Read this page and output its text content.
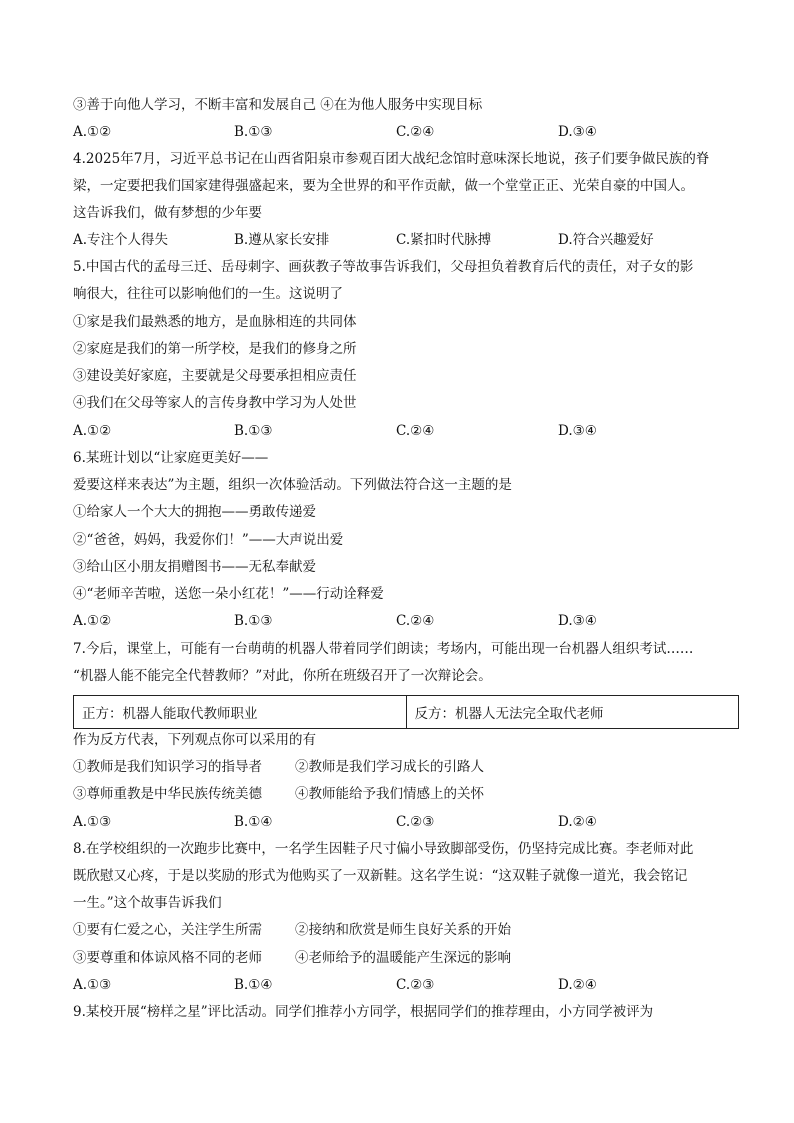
③善于向他人学习，不断丰富和发展自己 ④在为他人服务中实现目标
A.①②	B.①③	C.②④	D.③④
4.2025年7月，习近平总书记在山西省阳泉市参观百团大战纪念馆时意味深长地说，孩子们要争做民族的脊
梁，一定要把我们国家建得强盛起来，要为全世界的和平作贡献，做一个堂堂正正、光荣自豪的中国人。
这告诉我们，做有梦想的少年要
A.专注个人得失	B.遵从家长安排	C.紧扣时代脉搏	D.符合兴趣爱好
5.中国古代的孟母三迁、岳母刺字、画荻教子等故事告诉我们，父母担负着教育后代的责任，对子女的影
响很大，往往可以影响他们的一生。这说明了
①家是我们最熟悉的地方，是血脉相连的共同体
②家庭是我们的第一所学校，是我们的修身之所
③建设美好家庭，主要就是父母要承担相应责任
④我们在父母等家人的言传身教中学习为人处世
A.①②	B.①③	C.②④	D.③④
6.某班计划以“让家庭更美好——
爱要这样来表达”为主题，组织一次体验活动。下列做法符合这一主题的是
①给家人一个大大的拥抱——勇敢传递爱
②“爸爸，妈妈，我爱你们！”——大声说出爱
③给山区小朋友捐赠图书——无私奉献爱
④“老师辛苦啦，送您一朵小红花！”——行动诠释爱
A.①②	B.①③	C.②④	D.③④
7.今后，课堂上，可能有一台萌萌的机器人带着同学们朗读；考场内，可能出现一台机器人组织考试……
“机器人能不能完全代替教师？”对此，你所在班级召开了一次辩论会。
正方：机器人能取代教师职业	反方：机器人无法完全取代老师
作为反方代表，下列观点你可以采用的有
①教师是我们知识学习的指导者 ②教师是我们学习成长的引路人
③尊师重教是中华民族传统美德 ④教师能给予我们情感上的关怀
A.①③	B.①④	C.②③	D.②④
8.在学校组织的一次跑步比赛中，一名学生因鞋子尺寸偏小导致脚部受伤，仍坚持完成比赛。李老师对此
既欣慰又心疼，于是以奖励的形式为他购买了一双新鞋。这名学生说：“这双鞋子就像一道光，我会铭记
一生。”这个故事告诉我们
①要有仁爱之心，关注学生所需 ②接纳和欣赏是师生良好关系的开始
③要尊重和体谅风格不同的老师 ④老师给予的温暖能产生深远的影响
A.①③	B.①④	C.②③	D.②④
9.某校开展“榜样之星”评比活动。同学们推荐小方同学，根据同学们的推荐理由，小方同学被评为
